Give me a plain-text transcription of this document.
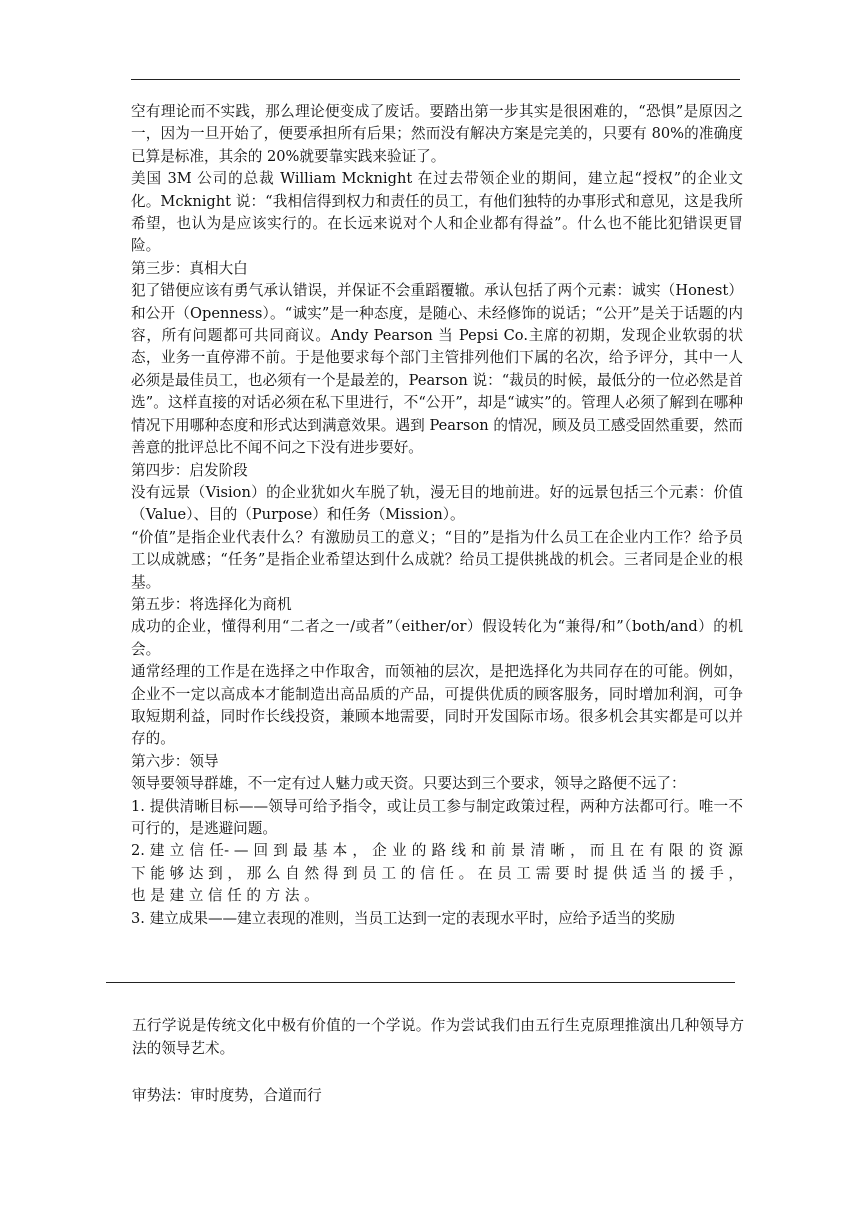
空有理论而不实践，那么理论便变成了废话。要踏出第一步其实是很困难的，“恐惧”是原因之一，因为一旦开始了，便要承担所有后果；然而没有解决方案是完美的，只要有 80%的准确度已算是标准，其余的 20%就要靠实践来验证了。

美国 3M 公司的总裁 William Mcknight 在过去带领企业的期间，建立起“授权”的企业文化。Mcknight 说：“我相信得到权力和责任的员工，有他们独特的办事形式和意见，这是我所希望，也认为是应该实行的。在长远来说对个人和企业都有得益”。什么也不能比犯错误更冒险。

第三步：真相大白

犯了错便应该有勇气承认错误，并保证不会重蹈覆辙。承认包括了两个元素：诚实（Honest）和公开（Openness）。“诚实”是一种态度，是随心、未经修饰的说话；“公开”是关于话题的内容，所有问题都可共同商议。Andy Pearson 当 Pepsi Co.主席的初期，发现企业软弱的状态，业务一直停滞不前。于是他要求每个部门主管排列他们下属的名次，给予评分，其中一人必须是最佳员工，也必须有一个是最差的，Pearson 说：“裁员的时候，最低分的一位必然是首选”。这样直接的对话必须在私下里进行，不“公开”，却是“诚实”的。管理人必须了解到在哪种情况下用哪种态度和形式达到满意效果。遇到 Pearson 的情况，顾及员工感受固然重要，然而善意的批评总比不闻不问之下没有进步要好。

第四步：启发阶段

没有远景（Vision）的企业犹如火车脱了轨，漫无目的地前进。好的远景包括三个元素：价值（Value）、目的（Purpose）和任务（Mission）。

“价值”是指企业代表什么？有激励员工的意义；“目的”是指为什么员工在企业内工作？给予员工以成就感；“任务”是指企业希望达到什么成就？给员工提供挑战的机会。三者同是企业的根基。

第五步：将选择化为商机

成功的企业，懂得利用“二者之一/或者”（either/or）假设转化为“兼得/和”（both/and）的机会。

通常经理的工作是在选择之中作取舍，而领袖的层次，是把选择化为共同存在的可能。例如，企业不一定以高成本才能制造出高品质的产品，可提供优质的顾客服务，同时增加利润，可争取短期利益，同时作长线投资，兼顾本地需要，同时开发国际市场。很多机会其实都是可以并存的。

第六步：领导

领导要领导群雄，不一定有过人魅力或天资。只要达到三个要求，领导之路便不远了：

1. 提供清晰目标——领导可给予指令，或让员工参与制定政策过程，两种方法都可行。唯一不可行的，是逃避问题。

2. 建 立 信 任- — 回 到 最 基 本 ， 企 业 的 路 线 和 前 景 清 晰 ， 而 且 在 有 限 的 资 源 下 能 够 达 到 ， 那 么 自 然 得 到 员 工 的 信 任 。 在 员 工 需 要 时 提 供 适 当 的 援 手 ， 也 是 建 立 信 任 的 方 法 。

3. 建立成果——建立表现的准则，当员工达到一定的表现水平时，应给予适当的奖励

五行学说是传统文化中极有价值的一个学说。作为尝试我们由五行生克原理推演出几种领导方法的领导艺术。

审势法：审时度势，合道而行
